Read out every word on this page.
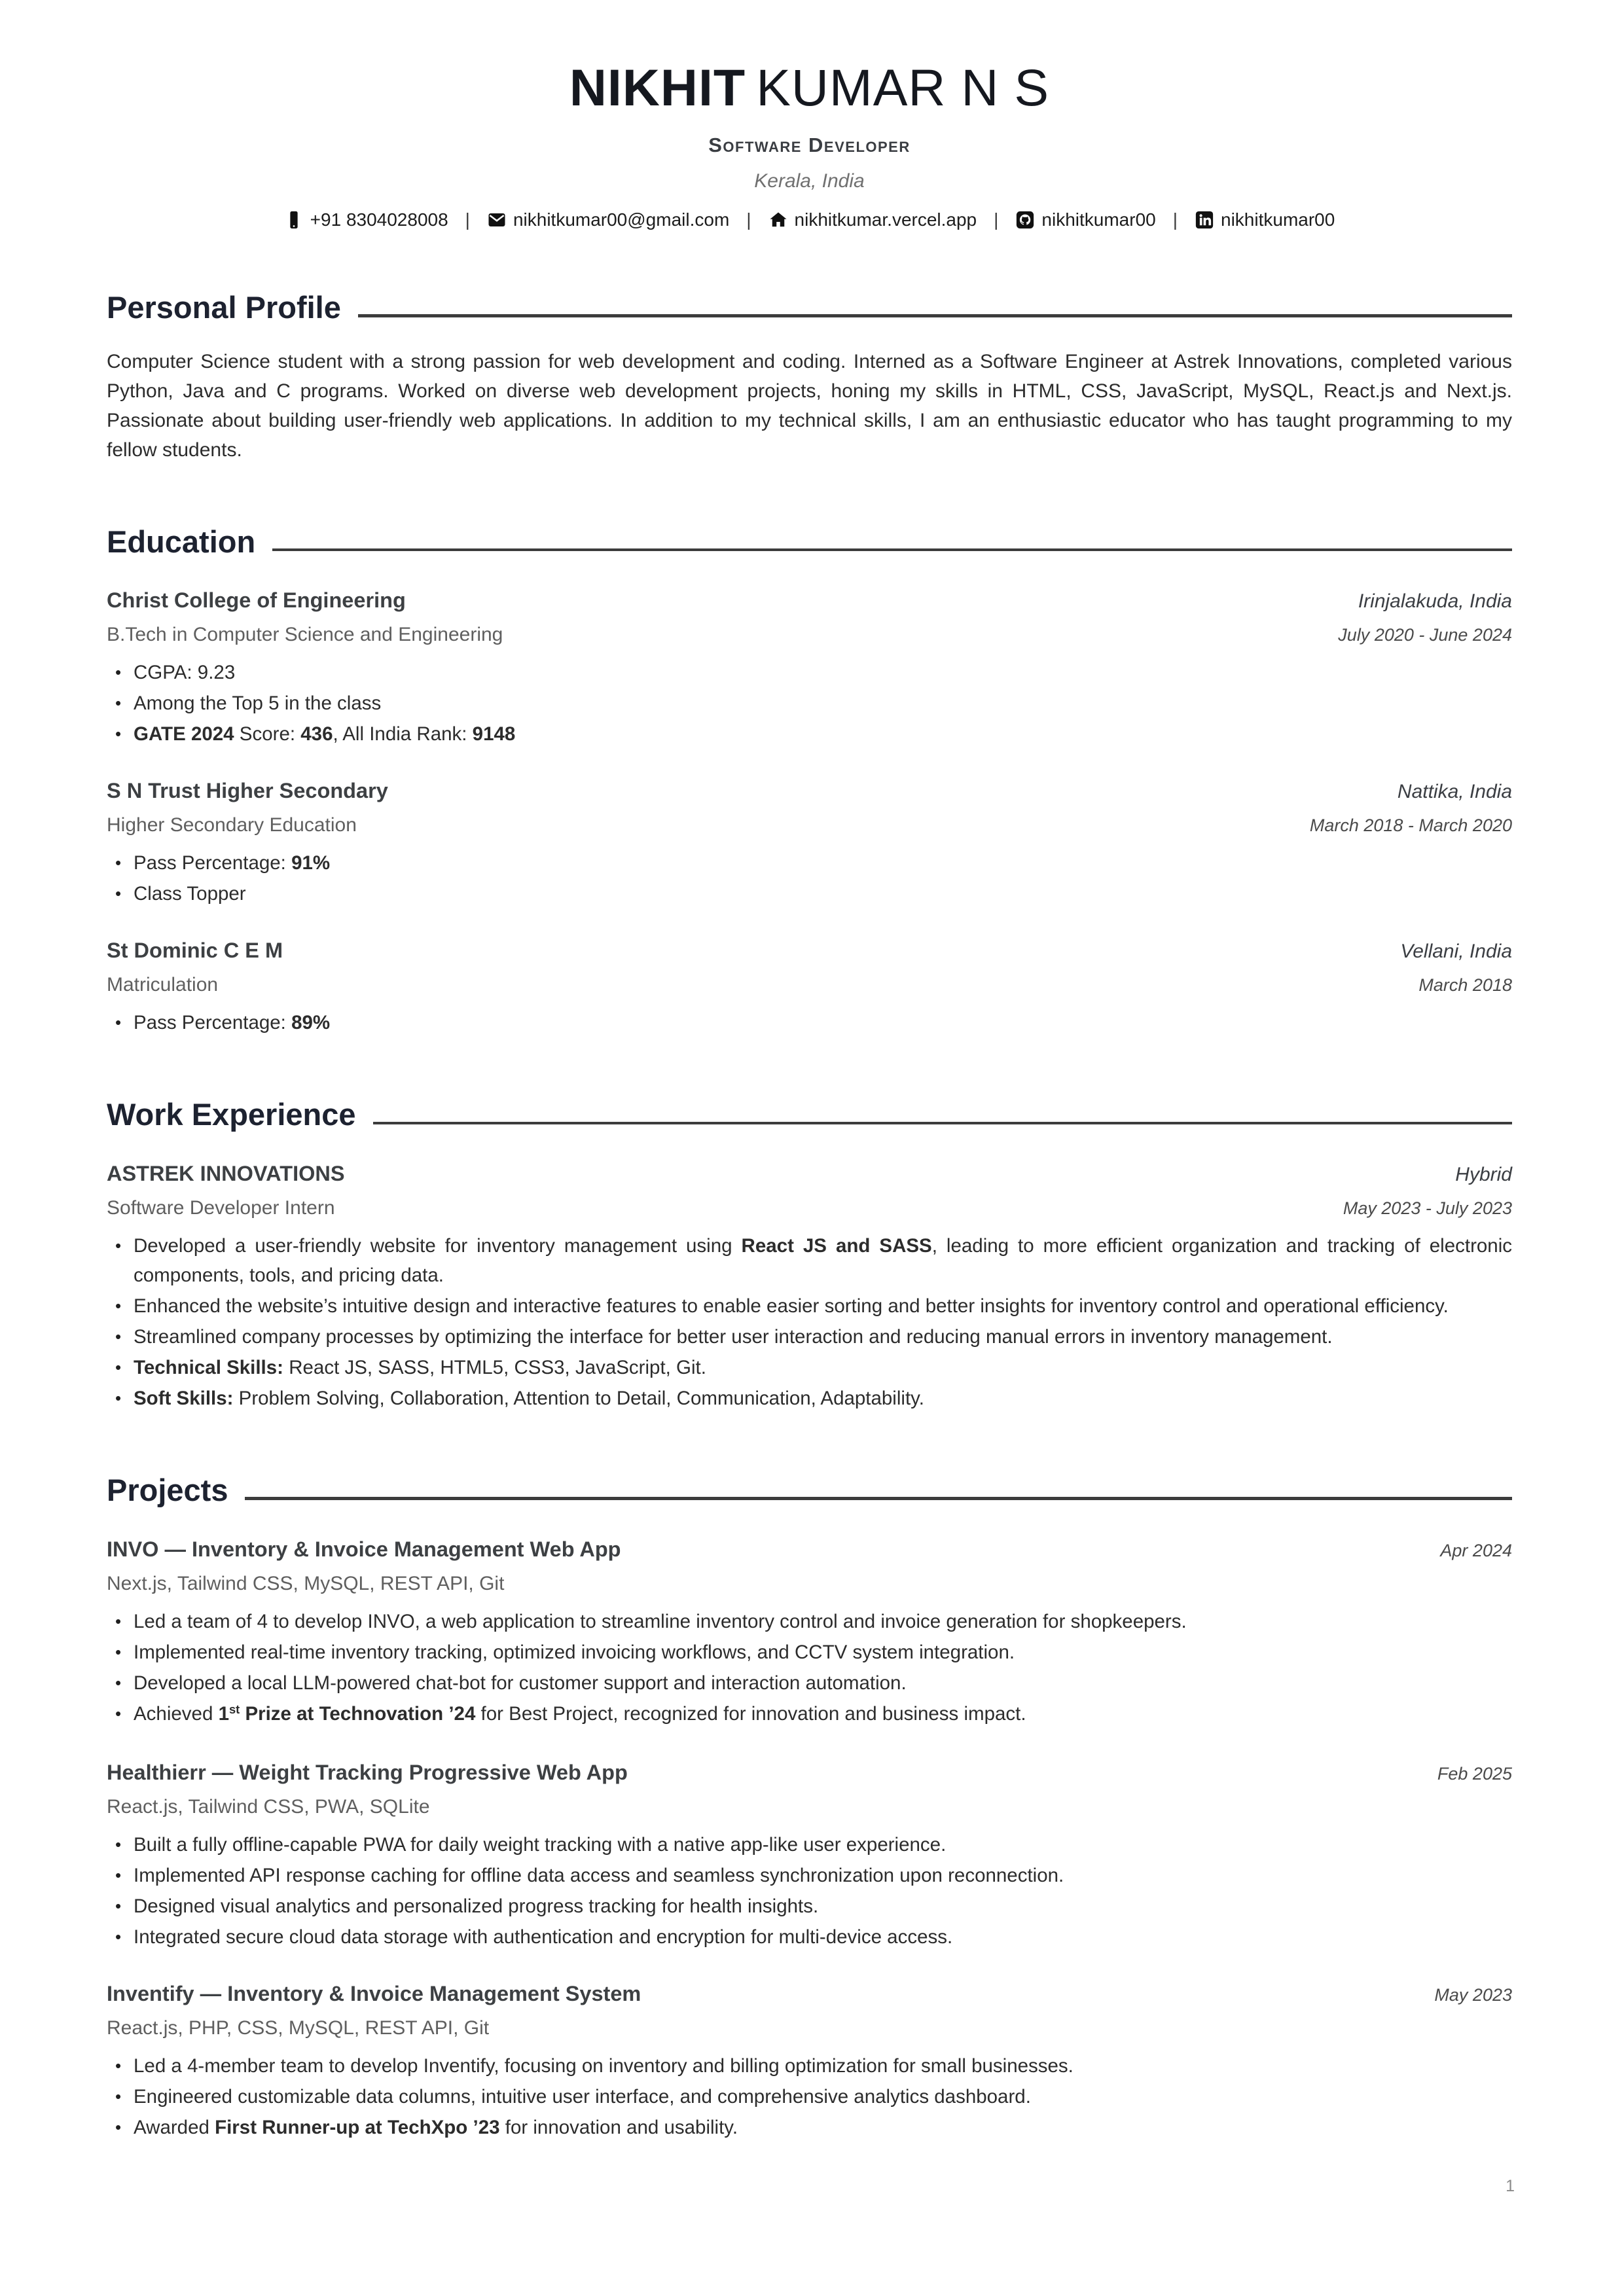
NIKHIT KUMAR N S
Software Developer
Kerala, India
+91 8304028008 | nikhitkumar00@gmail.com | nikhitkumar.vercel.app | nikhitkumar00 | nikhitkumar00
Personal Profile

Computer Science student with a strong passion for web development and coding. Interned as a Software Engineer at Astrek Innovations, completed various Python, Java and C programs. Worked on diverse web development projects, honing my skills in HTML, CSS, JavaScript, MySQL, React.js and Next.js. Passionate about building user-friendly web applications. In addition to my technical skills, I am an enthusiastic educator who has taught programming to my fellow students.

Education
Christ College of Engineering	Irinjalakuda, India
B.Tech in Computer Science and Engineering	July 2020 - June 2024
• CGPA: 9.23
• Among the Top 5 in the class
• GATE 2024 Score: 436, All India Rank: 9148
S N Trust Higher Secondary	Nattika, India
Higher Secondary Education	March 2018 - March 2020
• Pass Percentage: 91%
• Class Topper
St Dominic C E M	Vellani, India
Matriculation	March 2018
• Pass Percentage: 89%
Work Experience
ASTREK INNOVATIONS	Hybrid
Software Developer Intern	May 2023 - July 2023
• Developed a user-friendly website for inventory management using React JS and SASS, leading to more efficient organization and tracking of electronic components, tools, and pricing data.
• Enhanced the website’s intuitive design and interactive features to enable easier sorting and better insights for inventory control and operational efficiency.
• Streamlined company processes by optimizing the interface for better user interaction and reducing manual errors in inventory management.
• Technical Skills: React JS, SASS, HTML5, CSS3, JavaScript, Git.
• Soft Skills: Problem Solving, Collaboration, Attention to Detail, Communication, Adaptability.
Projects
INVO — Inventory & Invoice Management Web App	Apr 2024
Next.js, Tailwind CSS, MySQL, REST API, Git
• Led a team of 4 to develop INVO, a web application to streamline inventory control and invoice generation for shopkeepers.
• Implemented real-time inventory tracking, optimized invoicing workflows, and CCTV system integration.
• Developed a local LLM-powered chat-bot for customer support and interaction automation.
• Achieved 1st Prize at Technovation ’24 for Best Project, recognized for innovation and business impact.
Healthierr — Weight Tracking Progressive Web App	Feb 2025
React.js, Tailwind CSS, PWA, SQLite
• Built a fully offline-capable PWA for daily weight tracking with a native app-like user experience.
• Implemented API response caching for offline data access and seamless synchronization upon reconnection.
• Designed visual analytics and personalized progress tracking for health insights.
• Integrated secure cloud data storage with authentication and encryption for multi-device access.
Inventify — Inventory & Invoice Management System	May 2023
React.js, PHP, CSS, MySQL, REST API, Git
• Led a 4-member team to develop Inventify, focusing on inventory and billing optimization for small businesses.
• Engineered customizable data columns, intuitive user interface, and comprehensive analytics dashboard.
• Awarded First Runner-up at TechXpo ’23 for innovation and usability.
1
